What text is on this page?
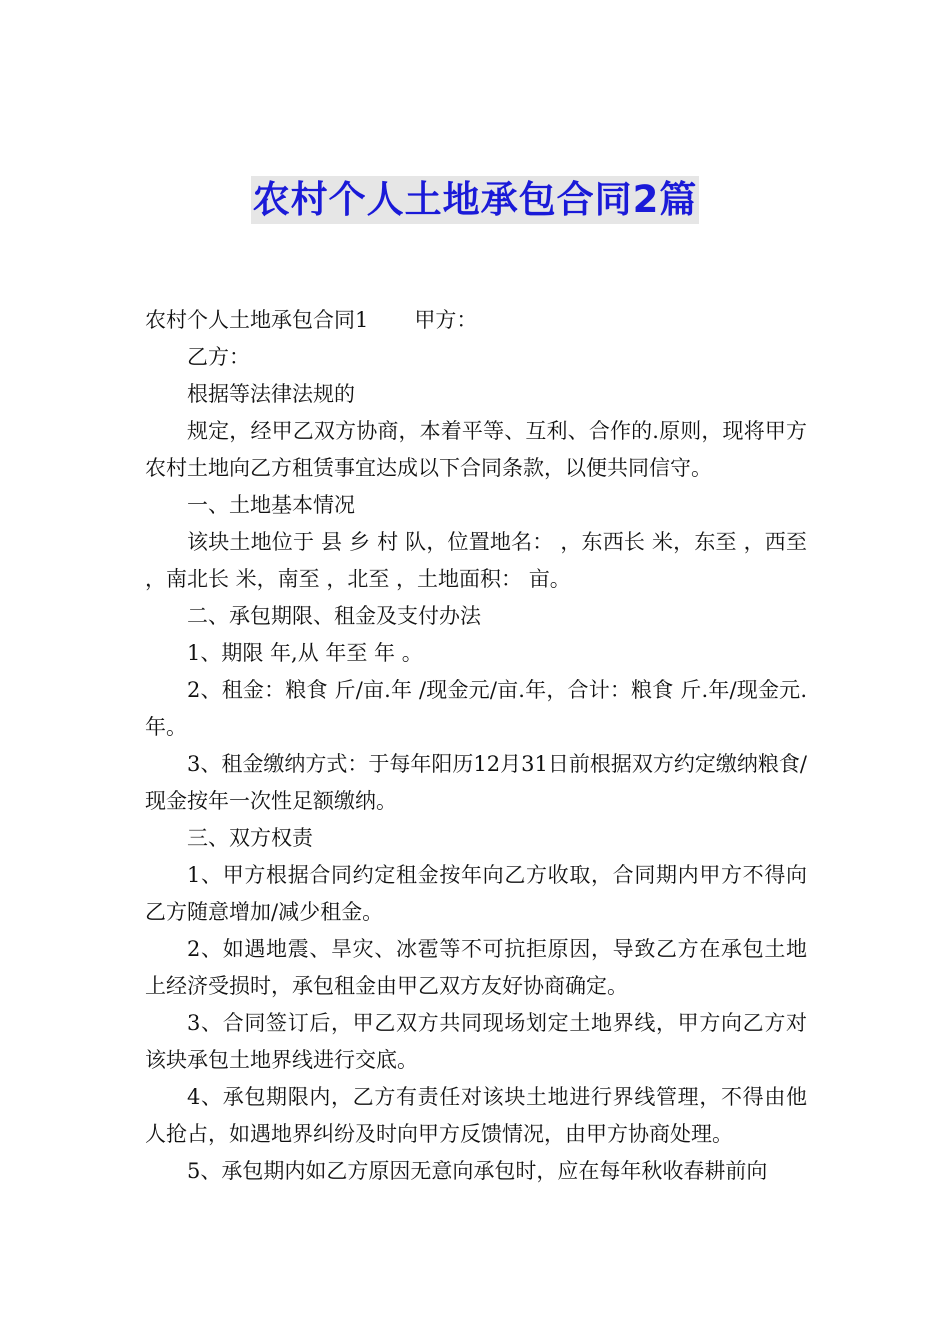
农村个人土地承包合同2篇

农村个人土地承包合同1 甲方：

乙方：

根据等法律法规的

规定，经甲乙双方协商，本着平等、互利、合作的.原则，现将甲方农村土地向乙方租赁事宜达成以下合同条款，以便共同信守。

一、土地基本情况

该块土地位于 县 乡 村 队，位置地名： ，东西长 米，东至 ，西至 ，南北长 米，南至 ，北至 ，土地面积： 亩。

二、承包期限、租金及支付办法

1、期限 年,从 年至 年 。

2、租金：粮食 斤/亩.年 /现金元/亩.年，合计：粮食 斤.年/现金元.年。

3、租金缴纳方式：于每年阳历12月31日前根据双方约定缴纳粮食/现金按年一次性足额缴纳。

三、双方权责

1、甲方根据合同约定租金按年向乙方收取，合同期内甲方不得向乙方随意增加/减少租金。

2、如遇地震、旱灾、冰雹等不可抗拒原因，导致乙方在承包土地上经济受损时，承包租金由甲乙双方友好协商确定。

3、合同签订后，甲乙双方共同现场划定土地界线，甲方向乙方对该块承包土地界线进行交底。

4、承包期限内，乙方有责任对该块土地进行界线管理，不得由他人抢占，如遇地界纠纷及时向甲方反馈情况，由甲方协商处理。

5、承包期内如乙方原因无意向承包时，应在每年秋收春耕前向
